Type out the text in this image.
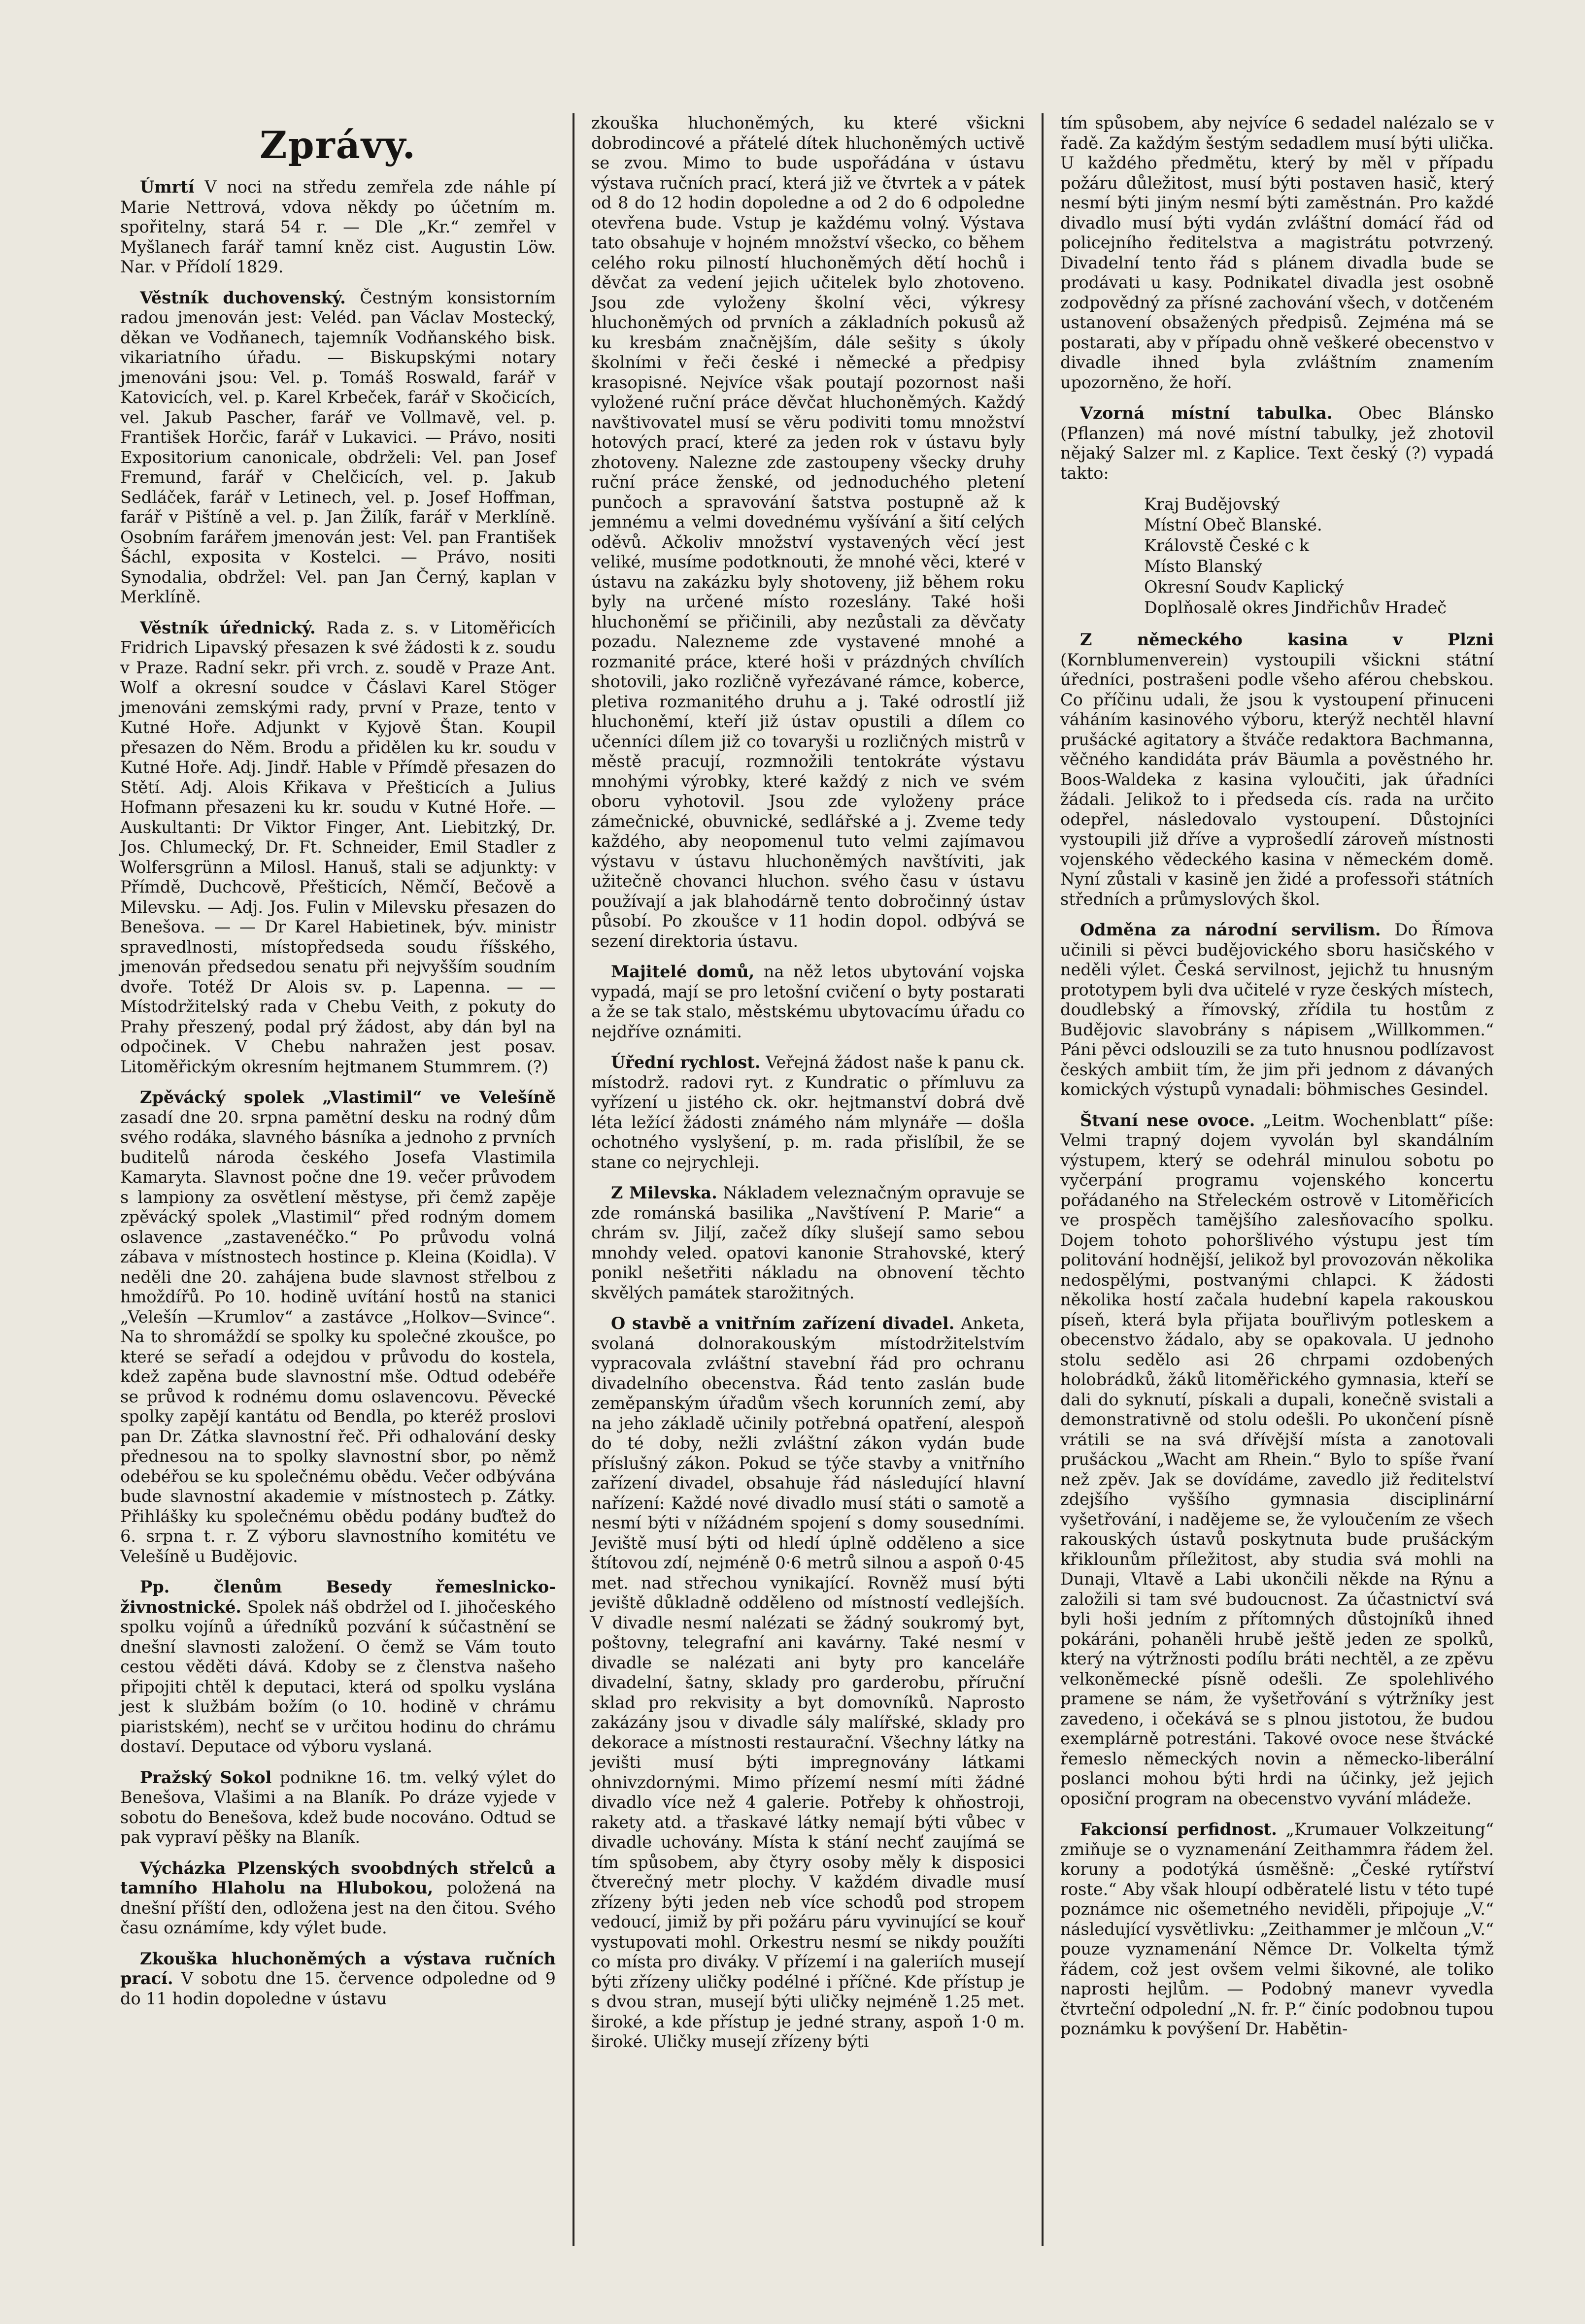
Zprávy.

Úmrtí V noci na středu zemřela zde náhle pí Marie Nettrová, vdova někdy po účetním m. spořitelny, stará 54 r. — Dle „Kr.“ zemřel v Myšlanech farář tamní kněz cist. Augustin Löw. Nar. v Přídolí 1829.

Věstník duchovenský. Čestným konsistorním radou jmenován jest: Veléd. pan Václav Mostecký, děkan ve Vodňanech, tajemník Vodňanského bisk. vikariatního úřadu. — Biskupskými notary jmenováni jsou: Vel. p. Tomáš Roswald, farář v Katovicích, vel. p. Karel Krbeček, farář v Skočicích, vel. Jakub Pascher, farář ve Vollmavě, vel. p. František Horčic, farář v Lukavici. — Právo, nositi Expositorium canonicale, obdrželi: Vel. pan Josef Fremund, farář v Chelčicích, vel. p. Jakub Sedláček, farář v Letinech, vel. p. Josef Hoffman, farář v Pištíně a vel. p. Jan Žilík, farář v Merklíně. Osobním farářem jmenován jest: Vel. pan František Šáchl, exposita v Kostelci. — Právo, nositi Synodalia, obdržel: Vel. pan Jan Černý, kaplan v Merklíně.

Věstník úřednický. Rada z. s. v Litoměřicích Fridrich Lipavský přesazen k své žádosti k z. soudu v Praze. Radní sekr. při vrch. z. soudě v Praze Ant. Wolf a okresní soudce v Čáslavi Karel Stöger jmenováni zemskými rady, první v Praze, tento v Kutné Hoře. Adjunkt v Kyjově Štan. Koupil přesazen do Něm. Brodu a přidělen ku kr. soudu v Kutné Hoře. Adj. Jindř. Hable v Přímdě přesazen do Stětí. Adj. Alois Křikava v Přešticích a Julius Hofmann přesazeni ku kr. soudu v Kutné Hoře. — Auskultanti: Dr Viktor Finger, Ant. Liebitzký, Dr. Jos. Chlumecký, Dr. Ft. Schneider, Emil Stadler z Wolfersgrünn a Milosl. Hanuš, stali se adjunkty: v Přímdě, Duchcově, Přešticích, Němčí, Bečově a Milevsku. — Adj. Jos. Fulin v Milevsku přesazen do Benešova. — — Dr Karel Habietinek, býv. ministr spravedlnosti, místopředseda soudu říšského, jmenován předsedou senatu při nejvyšším soudním dvoře. Totéž Dr Alois sv. p. Lapenna. — — Místodržitelský rada v Chebu Veith, z pokuty do Prahy přeszený, podal prý žádost, aby dán byl na odpočinek. V Chebu nahražen jest posav. Litoměřickým okresním hejtmanem Stummrem. (?)

Zpěvácký spolek „Vlastimil“ ve Velešíně zasadí dne 20. srpna pamětní desku na rodný dům svého rodáka, slavného básníka a jednoho z prvních buditelů národa českého Josefa Vlastimila Kamaryta. Slavnost počne dne 19. večer průvodem s lampiony za osvětlení městyse, při čemž zapěje zpěvácký spolek „Vlastimil“ před rodným domem oslavence „zastavenéčko.“ Po průvodu volná zábava v místnostech hostince p. Kleina (Koidla). V neděli dne 20. zahájena bude slavnost střelbou z hmoždířů. Po 10. hodině uvítání hostů na stanici „Velešín —Krumlov“ a zastávce „Holkov—Svince“. Na to shromáždí se spolky ku společné zkoušce, po které se seřadí a odejdou v průvodu do kostela, kdež zapěna bude slavnostní mše. Odtud odebéře se průvod k rodnému domu oslavencovu. Pěvecké spolky zapějí kantátu od Bendla, po kteréž proslovi pan Dr. Zátka slavnostní řeč. Při odhalování desky přednesou na to spolky slavnostní sbor, po němž odebéřou se ku společnému obědu. Večer odbývána bude slavnostní akademie v místnostech p. Zátky. Přihlášky ku společnému obědu podány buďtež do 6. srpna t. r. Z výboru slavnostního komitétu ve Velešíně u Budějovic.

Pp. členům Besedy řemeslnicko-živnostnické. Spolek náš obdržel od I. jihočeského spolku vojínů a úředníků pozvání k súčastnění se dnešní slavnosti založení. O čemž se Vám touto cestou věděti dává. Kdoby se z členstva našeho připojiti chtěl k deputaci, která od spolku vyslána jest k službám božím (o 10. hodině v chrámu piaristském), nechť se v určitou hodinu do chrámu dostaví. Deputace od výboru vyslaná.

Pražský Sokol podnikne 16. tm. velký výlet do Benešova, Vlašimi a na Blaník. Po dráze vyjede v sobotu do Benešova, kdež bude nocováno. Odtud se pak vypraví pěšky na Blaník.

Výcházka Plzenských svoobdných střelců a tamního Hlaholu na Hlubokou, položená na dnešní příští den, odložena jest na den čitou. Svého času oznámíme, kdy výlet bude.

Zkouška hluchoněmých a výstava ručních prací. V sobotu dne 15. července odpoledne od 9 do 11 hodin dopoledne v ústavu

zkouška hluchoněmých, ku které všickni dobrodincové a přátelé dítek hluchoněmých uctivě se zvou. Mimo to bude uspořádána v ústavu výstava ručních prací, která již ve čtvrtek a v pátek od 8 do 12 hodin dopoledne a od 2 do 6 odpoledne otevřena bude. Vstup je každému volný. Výstava tato obsahuje v hojném množství všecko, co během celého roku pilností hluchoněmých dětí hochů i děvčat za vedení jejich učitelek bylo zhotoveno. Jsou zde vyloženy školní věci, výkresy hluchoněmých od prvních a základních pokusů až ku kresbám značnějším, dále sešity s úkoly školními v řeči české i německé a předpisy krasopisné. Nejvíce však poutají pozornost naši vyložené ruční práce děvčat hluchoněmých. Každý navštivovatel musí se věru podiviti tomu množství hotových prací, které za jeden rok v ústavu byly zhotoveny. Nalezne zde zastoupeny všecky druhy ruční práce ženské, od jednoduchého pletení punčoch a spravování šatstva postupně až k jemnému a velmi dovednému vyšívání a šití celých oděvů. Ačkoliv množství vystavených věcí jest veliké, musíme podotknouti, že mnohé věci, které v ústavu na zakázku byly shotoveny, již během roku byly na určené místo rozeslány. Také hoši hluchoněmí se přičinili, aby nezůstali za děvčaty pozadu. Nalezneme zde vystavené mnohé a rozmanité práce, které hoši v prázdných chvílích shotovili, jako rozličně vyřezávané rámce, koberce, pletiva rozmanitého druhu a j. Také odrostlí již hluchoněmí, kteří již ústav opustili a dílem co učenníci dílem již co tovaryši u rozličných mistrů v městě pracují, rozmnožili tentokráte výstavu mnohými výrobky, které každý z nich ve svém oboru vyhotovil. Jsou zde vyloženy práce zámečnické, obuvnické, sedlářské a j. Zveme tedy každého, aby neopomenul tuto velmi zajímavou výstavu v ústavu hluchoněmých navštíviti, jak užitečně chovanci hluchon. svého času v ústavu používají a jak blahodárně tento dobročinný ústav působí. Po zkoušce v 11 hodin dopol. odbývá se sezení direktoria ústavu.

Majitelé domů, na něž letos ubytování vojska vypadá, mají se pro letošní cvičení o byty postarati a že se tak stalo, městskému ubytovacímu úřadu co nejdříve oznámiti.

Úřední rychlost. Veřejná žádost naše k panu ck. místodrž. radovi ryt. z Kundratic o přímluvu za vyřízení u jistého ck. okr. hejtmanství dobrá dvě léta ležící žádosti známého nám mlynáře — došla ochotného vyslyšení, p. m. rada přislíbil, že se stane co nejrychleji.

Z Milevska. Nákladem veleznačným opravuje se zde románská basilika „Navštívení P. Marie“ a chrám sv. Jiljí, začež díky slušejí samo sebou mnohdy veled. opatovi kanonie Strahovské, který ponikl nešetřiti nákladu na obnovení těchto skvělých památek starožitných.

O stavbě a vnitřním zařízení divadel. Anketa, svolaná dolnorakouským místodržitelstvím vypracovala zvláštní stavební řád pro ochranu divadelního obecenstva. Řád tento zaslán bude zeměpanským úřadům všech korunních zemí, aby na jeho základě učinily potřebná opatření, alespoň do té doby, nežli zvláštní zákon vydán bude příslušný zákon. Pokud se týče stavby a vnitřního zařízení divadel, obsahuje řád následující hlavní nařízení: Každé nové divadlo musí státi o samotě a nesmí býti v nížádném spojení s domy sousedními. Jeviště musí býti od hledí úplně odděleno a sice štítovou zdí, nejméně 0·6 metrů silnou a aspoň 0·45 met. nad střechou vynikající. Rovněž musí býti jeviště důkladně odděleno od místností vedlejších. V divadle nesmí nalézati se žádný soukromý byt, poštovny, telegrafní ani kavárny. Také nesmí v divadle se nalézati ani byty pro kanceláře divadelní, šatny, sklady pro garderobu, příruční sklad pro rekvisity a byt domovníků. Naprosto zakázány jsou v divadle sály malířské, sklady pro dekorace a místnosti restaurační. Všechny látky na jevišti musí býti impregnovány látkami ohnivzdornými. Mimo přízemí nesmí míti žádné divadlo více než 4 galerie. Potřeby k ohňostroji, rakety atd. a třaskavé látky nemají býti vůbec v divadle uchovány. Místa k stání nechť zaujímá se tím spůsobem, aby čtyry osoby měly k disposici čtverečný metr plochy. V každém divadle musí zřízeny býti jeden neb více schodů pod stropem vedoucí, jimiž by při požáru páru vyvinující se kouř vystupovati mohl. Orkestru nesmí se nikdy použíti co místa pro diváky. V přízemí i na galeriích musejí býti zřízeny uličky podélné i příčné. Kde přístup je s dvou stran, musejí býti uličky nejméně 1.25 met. široké, a kde přístup je jedné strany, aspoň 1·0 m. široké. Uličky musejí zřízeny býti

tím spůsobem, aby nejvíce 6 sedadel nalézalo se v řadě. Za každým šestým sedadlem musí býti ulička. U každého předmětu, který by měl v případu požáru důležitost, musí býti postaven hasič, který nesmí býti jiným nesmí býti zaměstnán. Pro každé divadlo musí býti vydán zvláštní domácí řád od policejního ředitelstva a magistrátu potvrzený. Divadelní tento řád s plánem divadla bude se prodávati u kasy. Podnikatel divadla jest osobně zodpovědný za přísné zachování všech, v dotčeném ustanovení obsažených předpisů. Zejména má se postarati, aby v případu ohně veškeré obecenstvo v divadle ihned byla zvláštním znamením upozorněno, že hoří.

Vzorná místní tabulka. Obec Blánsko (Pflanzen) má nové místní tabulky, jež zhotovil nějaký Salzer ml. z Kaplice. Text český (?) vypadá takto:

Kraj Budějovský
Místní Obeč Blanské.
Královstě České c k
Místo Blanský
Okresní Soudv Kaplický
Doplňosalě okres Jindřichův Hradeč

Z německého kasina v Plzni (Kornblumenverein) vystoupili všickni státní úředníci, postrašeni podle všeho aférou chebskou. Co příčinu udali, že jsou k vystoupení přinuceni váháním kasinového výboru, kterýž nechtěl hlavní prušácké agitatory a štváče redaktora Bachmanna, věčného kandidáta práv Bäumla a pověstného hr. Boos-Waldeka z kasina vyloučiti, jak úřadníci žádali. Jelikož to i předseda cís. rada na určito odepřel, následovalo vystoupení. Důstojníci vystoupili již dříve a vyprošedlí zároveň místnosti vojenského vědeckého kasina v německém domě. Nyní zůstali v kasině jen židé a professoři státních středních a průmyslových škol.

Odměna za národní servilism. Do Římova učinili si pěvci budějovického sboru hasičského v neděli výlet. Česká servilnost, jejichž tu hnusným prototypem byli dva učitelé v ryze českých místech, doudlebský a římovský, zřídila tu hostům z Budějovic slavobrány s nápisem „Willkommen.“ Páni pěvci odslouzili se za tuto hnusnou podlízavost českých ambiit tím, že jim při jednom z dávaných komických výstupů vynadali: böhmisches Gesindel.

Štvaní nese ovoce. „Leitm. Wochenblatt“ píše: Velmi trapný dojem vyvolán byl skandálním výstupem, který se odehrál minulou sobotu po vyčerpání programu vojenského koncertu pořádaného na Střeleckém ostrově v Litoměřicích ve prospěch tamějšího zalesňovacího spolku. Dojem tohoto pohoršlivého výstupu jest tím politování hodnější, jelikož byl provozován několika nedospělými, postvanými chlapci. K žádosti několika hostí začala hudební kapela rakouskou píseň, která byla přijata bouřlivým potleskem a obecenstvo žádalo, aby se opakovala. U jednoho stolu sedělo asi 26 chrpami ozdobených holobrádků, žáků litoměřického gymnasia, kteří se dali do syknutí, pískali a dupali, konečně svistali a demonstrativně od stolu odešli. Po ukončení písně vrátili se na svá dřívější místa a zanotovali prušáckou „Wacht am Rhein.“ Bylo to spíše řvaní než zpěv. Jak se dovídáme, zavedlo již ředitelství zdejšího vyššího gymnasia disciplinární vyšetřování, i nadějeme se, že vyloučením ze všech rakouských ústavů poskytnuta bude prušáckým křiklounům příležitost, aby studia svá mohli na Dunaji, Vltavě a Labi ukončili někde na Rýnu a založili si tam své budoucnost. Za účastnictví svá byli hoši jedním z přítomných důstojníků ihned pokáráni, pohaněli hrubě ještě jeden ze spolků, který na výtržnosti podílu bráti nechtěl, a ze zpěvu velkoněmecké písně odešli. Ze spolehlivého pramene se nám, že vyšetřování s výtržníky jest zavedeno, i očekává se s plnou jistotou, že budou exemplárně potrestáni. Takové ovoce nese štvácké řemeslo německých novin a německo-liberální poslanci mohou býti hrdi na účinky, jež jejich oposiční program na obecenstvo vyvání mládeže.

Fakcionsí perfidnost. „Krumauer Volkzeitung“ zmiňuje se o vyznamenání Zeithammra řádem žel. koruny a podotýká úsměšně: „České rytířství roste.“ Aby však hloupí odběratelé listu v této tupé poznámce nic ošemetného neviděli, připojuje „V.“ následující vysvětlivku: „Zeithammer je mlčoun „V.“ pouze vyznamenání Němce Dr. Volkelta týmž řádem, což jest ovšem velmi šikovné, ale toliko naprosti hejlům. — Podobný manevr vyvedla čtvrteční odpolední „N. fr. P.“ činíc podobnou tupou poznámku k povýšení Dr. Habětin-
